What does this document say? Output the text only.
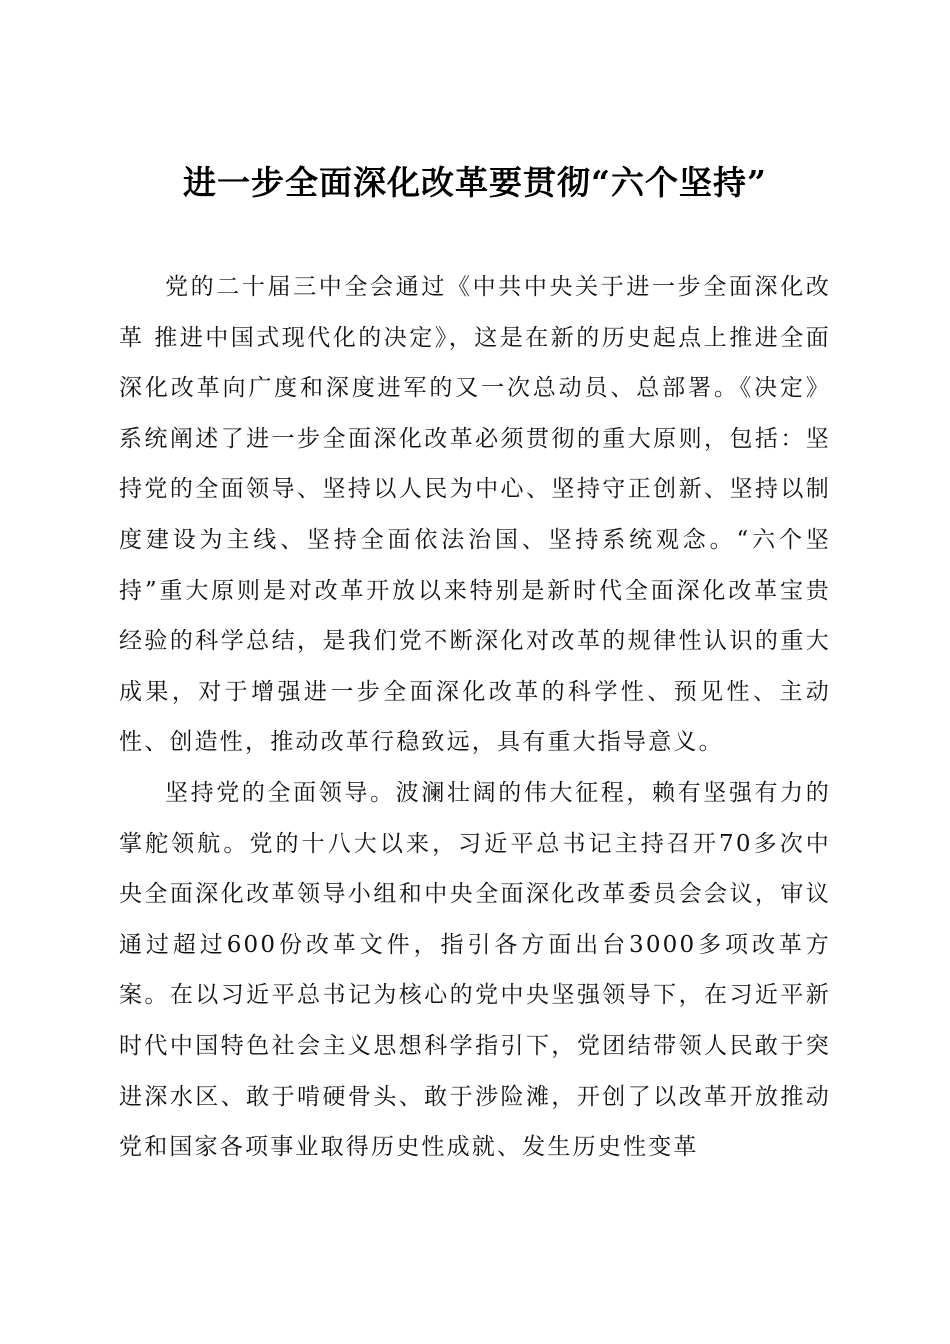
进一步全面深化改革要贯彻“六个坚持”

党的二十届三中全会通过《中共中央关于进一步全面深化改革 推进中国式现代化的决定》，这是在新的历史起点上推进全面深化改革向广度和深度进军的又一次总动员、总部署。《决定》系统阐述了进一步全面深化改革必须贯彻的重大原则，包括：坚持党的全面领导、坚持以人民为中心、坚持守正创新、坚持以制度建设为主线、坚持全面依法治国、坚持系统观念。“六个坚持”重大原则是对改革开放以来特别是新时代全面深化改革宝贵经验的科学总结，是我们党不断深化对改革的规律性认识的重大成果，对于增强进一步全面深化改革的科学性、预见性、主动性、创造性，推动改革行稳致远，具有重大指导意义。

坚持党的全面领导。波澜壮阔的伟大征程，赖有坚强有力的掌舵领航。党的十八大以来，习近平总书记主持召开70多次中央全面深化改革领导小组和中央全面深化改革委员会会议，审议通过超过600份改革文件，指引各方面出台3000多项改革方案。在以习近平总书记为核心的党中央坚强领导下，在习近平新时代中国特色社会主义思想科学指引下，党团结带领人民敢于突进深水区、敢于啃硬骨头、敢于涉险滩，开创了以改革开放推动党和国家各项事业取得历史性成就、发生历史性变革
